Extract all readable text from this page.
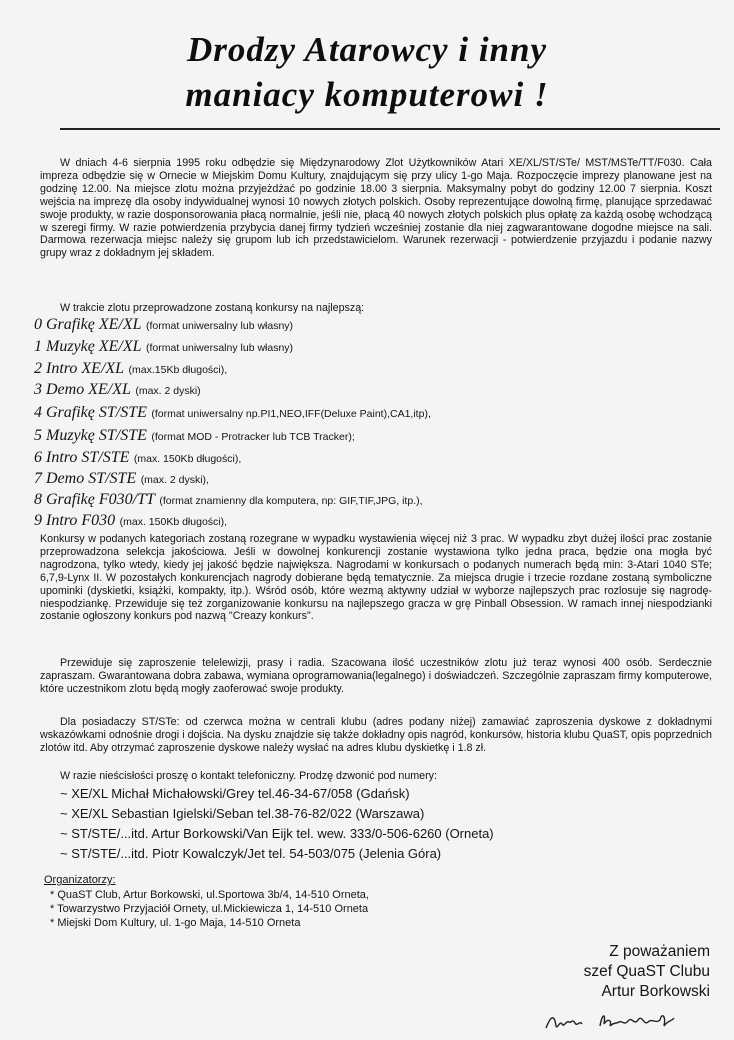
Drodzy Atarowcy i inny
maniacy komputerowi !

W dniach 4-6 sierpnia 1995 roku odbędzie się Międzynarodowy Zlot Użytkowników Atari XE/XL/ST/STe/ MST/MSTe/TT/F030. Cała impreza odbędzie się w Ornecie w Miejskim Domu Kultury, znajdującym się przy ulicy 1-go Maja. Rozpoczęcie imprezy planowane jest na godzinę 12.00. Na miejsce zlotu można przyjeżdżać po godzinie 18.00 3 sierpnia. Maksymalny pobyt do godziny 12.00 7 sierpnia. Koszt wejścia na imprezę dla osoby indywidualnej wynosi 10 nowych złotych polskich. Osoby reprezentujące dowolną firmę, planujące sprzedawać swoje produkty, w razie dosponsorowania płacą normalnie, jeśli nie, płacą 40 nowych złotych polskich plus opłatę za każdą osobę wchodzącą w szeregi firmy. W razie potwierdzenia przybycia danej firmy tydzień wcześniej zostanie dla niej zagwarantowane dogodne miejsce na sali. Darmowa rezerwacja miejsc należy się grupom lub ich przedstawicielom. Warunek rezerwacji - potwierdzenie przyjazdu i podanie nazwy grupy wraz z dokładnym jej składem.

W trakcie zlotu przeprowadzone zostaną konkursy na najlepszą:
0 Grafikę XE/XL (format uniwersalny lub własny)
1 Muzykę XE/XL (format uniwersalny lub własny)
2 Intro XE/XL (max.15Kb długości),
3 Demo XE/XL (max. 2 dyski)
4 Grafikę ST/STE (format uniwersalny np.PI1,NEO,IFF(Deluxe Paint),CA1,itp),
5 Muzykę ST/STE (format MOD - Protracker lub TCB Tracker);
6 Intro ST/STE (max. 150Kb długości),
7 Demo ST/STE (max. 2 dyski),
8 Grafikę F030/TT (format znamienny dla komputera, np: GIF,TIF,JPG, itp.),
9 Intro F030 (max. 150Kb długości),

Konkursy w podanych kategoriach zostaną rozegrane w wypadku wystawienia więcej niż 3 prac. W wypadku zbyt dużej ilości prac zostanie przeprowadzona selekcja jakościowa. Jeśli w dowolnej konkurencji zostanie wystawiona tylko jedna praca, będzie ona mogła być nagrodzona, tylko wtedy, kiedy jej jakość będzie największa. Nagrodami w konkursach o podanych numerach będą min: 3-Atari 1040 STe; 6,7,9-Lynx II. W pozostałych konkurencjach nagrody dobierane będą tematycznie. Za miejsca drugie i trzecie rozdane zostaną symboliczne upominki (dyskietki, książki, kompakty, itp.). Wśród osób, które wezmą aktywny udział w wyborze najlepszych prac rozlosuje się nagrodę-niespodziankę. Przewiduje się też zorganizowanie konkursu na najlepszego gracza w grę Pinball Obsession. W ramach innej niespodzianki zostanie ogłoszony konkurs pod nazwą "Creazy konkurs".

Przewiduje się zaproszenie telelewizji, prasy i radia. Szacowana ilość uczestników zlotu już teraz wynosi 400 osób. Serdecznie zapraszam. Gwarantowana dobra zabawa, wymiana oprogramowania(legalnego) i doświadczeń. Szczególnie zapraszam firmy komputerowe, które uczestnikom zlotu będą mogły zaoferować swoje produkty.

Dla posiadaczy ST/STe: od czerwca można w centrali klubu (adres podany niżej) zamawiać zaproszenia dyskowe z dokładnymi wskazówkami odnośnie drogi i dojścia. Na dysku znajdzie się także dokładny opis nagród, konkursów, historia klubu QuaST, opis poprzednich zlotów itd. Aby otrzymać zaproszenie dyskowe należy wysłać na adres klubu dyskietkę i 1.8 zł.

W razie nieścisłości proszę o kontakt telefoniczny. Prodzę dzwonić pod numery:
~ XE/XL Michał Michałowski/Grey tel.46-34-67/058 (Gdańsk)
~ XE/XL Sebastian Igielski/Seban tel.38-76-82/022 (Warszawa)
~ ST/STE/...itd. Artur Borkowski/Van Eijk tel. wew. 333/0-506-6260 (Orneta)
~ ST/STE/...itd. Piotr Kowalczyk/Jet tel. 54-503/075 (Jelenia Góra)
Organizatorzy:
* QuaST Club, Artur Borkowski, ul.Sportowa 3b/4, 14-510 Orneta,
* Towarzystwo Przyjaciół Ornety, ul.Mickiewicza 1, 14-510 Orneta
* Miejski Dom Kultury, ul. 1-go Maja, 14-510 Orneta
Z poważaniem
szef QuaST Clubu
Artur Borkowski
